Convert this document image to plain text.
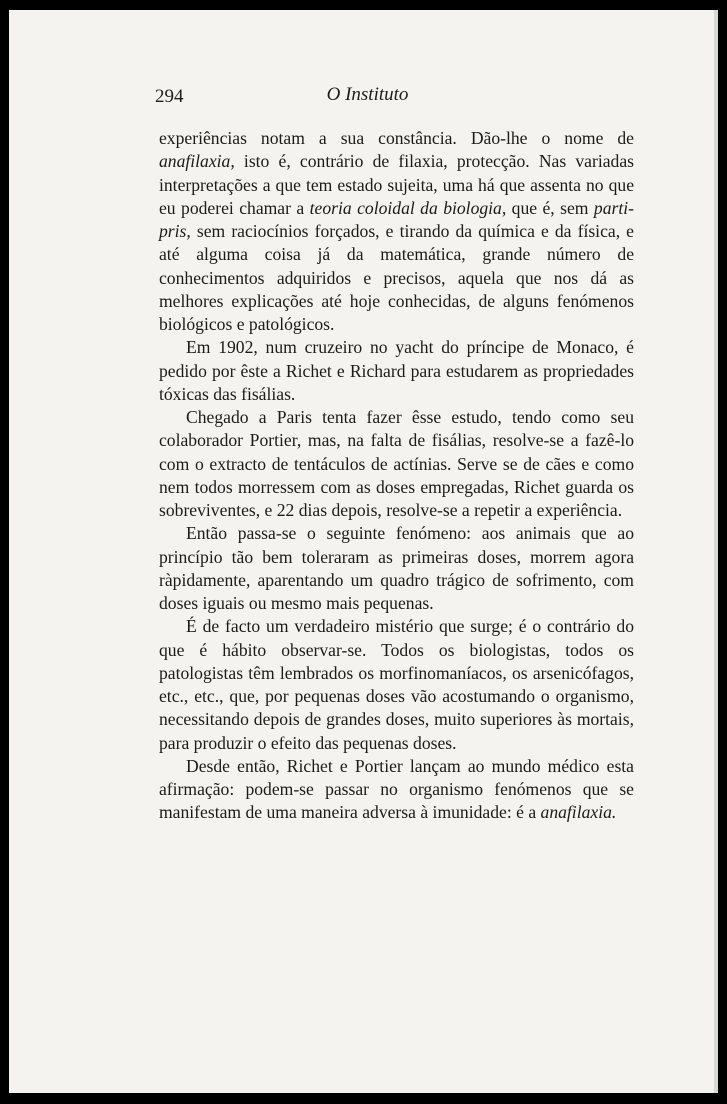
294	O Instituto

experiências notam a sua constância. Dão-lhe o nome de anafilaxia, isto é, contrário de filaxia, protecção. Nas variadas interpretações a que tem estado sujeita, uma há que assenta no que eu poderei chamar a teoria coloidal da biologia, que é, sem parti-pris, sem raciocínios forçados, e tirando da química e da física, e até alguma coisa já da matemática, grande número de conhecimentos adquiridos e precisos, aquela que nos dá as melhores explicações até hoje conhecidas, de alguns fenómenos biológicos e patológicos.

Em 1902, num cruzeiro no yacht do príncipe de Monaco, é pedido por êste a Richet e Richard para estudarem as propriedades tóxicas das fisálias.

Chegado a Paris tenta fazer êsse estudo, tendo como seu colaborador Portier, mas, na falta de fisálias, resolve-se a fazê-lo com o extracto de tentáculos de actínias. Serve se de cães e como nem todos morressem com as doses empregadas, Richet guarda os sobreviventes, e 22 dias depois, resolve-se a repetir a experiência.

Então passa-se o seguinte fenómeno: aos animais que ao princípio tão bem toleraram as primeiras doses, morrem agora ràpidamente, aparentando um quadro trágico de sofrimento, com doses iguais ou mesmo mais pequenas.

É de facto um verdadeiro mistério que surge; é o contrário do que é hábito observar-se. Todos os biologistas, todos os patologistas têm lembrados os morfinomaníacos, os arsenicófagos, etc., etc., que, por pequenas doses vão acostumando o organismo, necessitando depois de grandes doses, muito superiores às mortais, para produzir o efeito das pequenas doses.

Desde então, Richet e Portier lançam ao mundo médico esta afirmação: podem-se passar no organismo fenómenos que se manifestam de uma maneira adversa à imunidade: é a anafilaxia.
